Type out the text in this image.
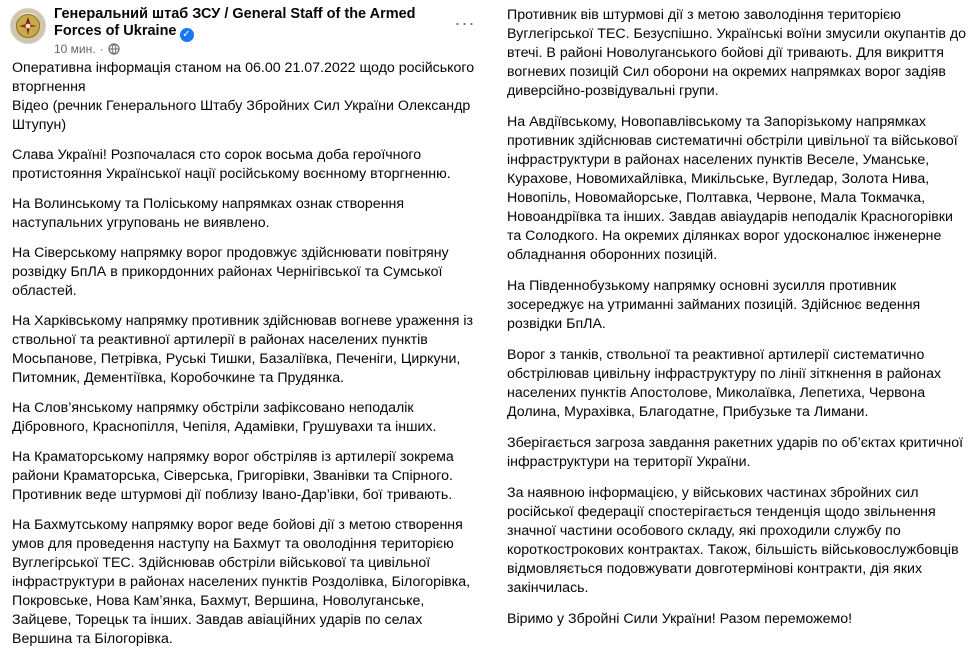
Генеральний штаб ЗСУ / General Staff of the Armed Forces of Ukraine ✓
10 мин. ·
···

Оперативна інформація станом на 06.00 21.07.2022 щодо російського вторгнення

Відео (речник Генерального Штабу Збройних Сил України Олександр Штупун)

Слава Україні! Розпочалася сто сорок восьма доба героїчного протистояння Української нації російському воєнному вторгненню.

На Волинському та Поліському напрямках ознак створення наступальних угруповань не виявлено.

На Сіверському напрямку ворог продовжує здійснювати повітряну розвідку БпЛА в прикордонних районах Чернігівської та Сумської областей.

На Харківському напрямку противник здійснював вогневе ураження із ствольної та реактивної артилерії в районах населених пунктів Мосьпанове, Петрівка, Руські Тишки, Базаліївка, Печеніги, Циркуни, Питомник, Дементіївка, Коробочкине та Прудянка.

На Слов’янському напрямку обстріли зафіксовано неподалік Дібровного, Краснопілля, Чепіля, Адамівки, Грушувахи та інших.

На Краматорському напрямку ворог обстріляв із артилерії зокрема райони Краматорська, Сіверська, Григорівки, Званівки та Спірного. Противник веде штурмові дії поблизу Івано-Дар’івки, бої тривають.

На Бахмутському напрямку ворог веде бойові дії з метою створення умов для проведення наступу на Бахмут та оволодіння територією Вуглегірської ТЕС. Здійснював обстріли військової та цивільної інфраструктури в районах населених пунктів Роздолівка, Білогорівка, Покровське, Нова Кам’янка, Бахмут, Вершина, Новолуганське, Зайцеве, Торецьк та інших. Завдав авіаційних ударів по селах Вершина та Білогорівка.

Противник вів штурмові дії з метою заволодіння територією Вуглегірської ТЕС. Безуспішно. Українські воїни змусили окупантів до втечі. В районі Новолуганського бойові дії тривають. Для викриття вогневих позицій Сил оборони на окремих напрямках ворог задіяв диверсійно-розвідувальні групи.

На Авдіївському, Новопавлівському та Запорізькому напрямках противник здійснював систематичні обстріли цивільної та військової інфраструктури в районах населених пунктів Веселе, Уманське, Курахове, Новомихайлівка, Микільське, Вугледар, Золота Нива, Новопіль, Новомайорське, Полтавка, Червоне, Мала Токмачка, Новоандріївка та інших. Завдав авіаударів неподалік Красногорівки та Солодкого. На окремих ділянках ворог удосконалює інженерне обладнання оборонних позицій.

На Південнобузькому напрямку основні зусилля противник зосереджує на утриманні займаних позицій. Здійснює ведення розвідки БпЛА.

Ворог з танків, ствольної та реактивної артилерії систематично обстрілював цивільну інфраструктуру по лінії зіткнення в районах населених пунктів Апостолове, Миколаївка, Лепетиха, Червона Долина, Мурахівка, Благодатне, Прибузьке та Лимани.

Зберігається загроза завдання ракетних ударів по об’єктах критичної інфраструктури на території України.

За наявною інформацією, у військових частинах збройних сил російської федерації спостерігається тенденція щодо звільнення значної частини особового складу, які проходили службу по короткострокових контрактах. Також, більшість військовослужбовців відмовляється подовжувати довготермінові контракти, дія яких закінчилась.

Віримо у Збройні Сили України! Разом переможемо!
